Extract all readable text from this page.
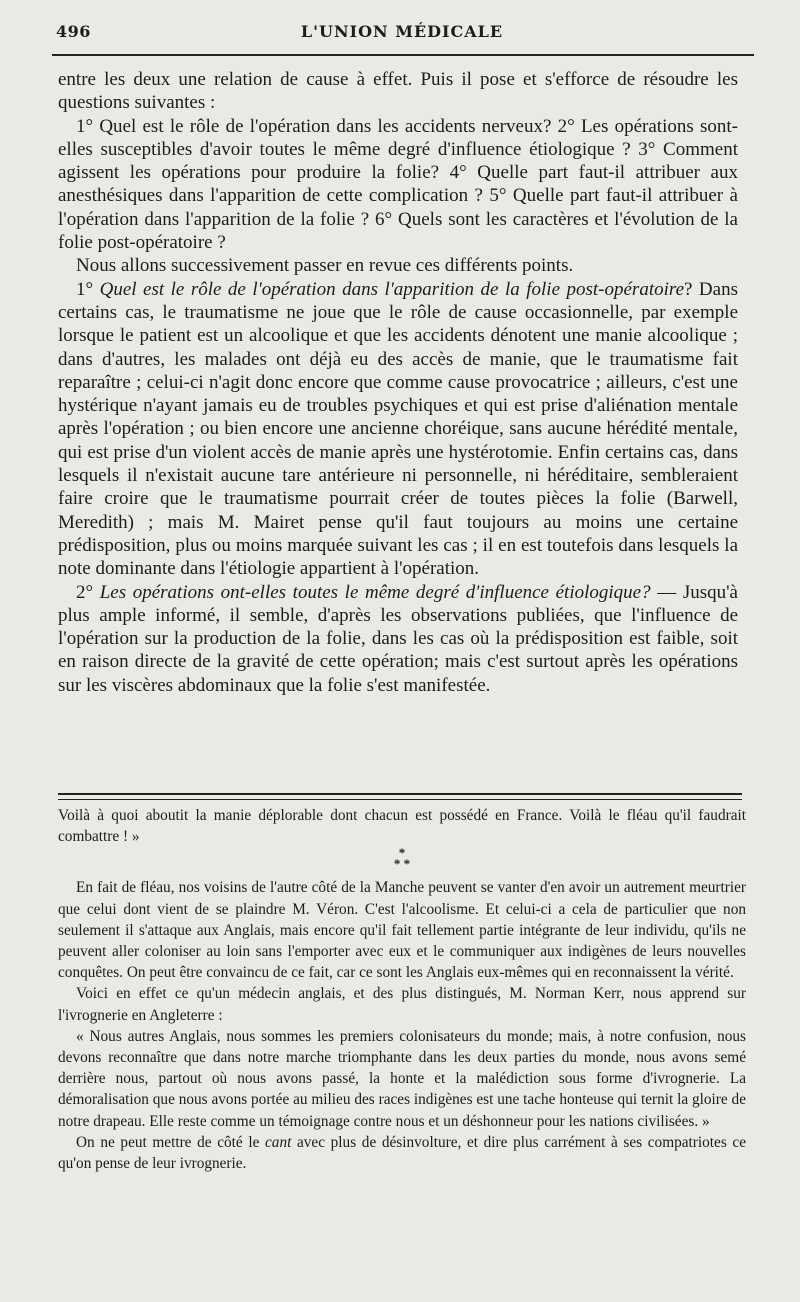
496	L'UNION MÉDICALE

entre les deux une relation de cause à effet. Puis il pose et s'efforce de résoudre les questions suivantes :

1° Quel est le rôle de l'opération dans les accidents nerveux? 2° Les opérations sont-elles susceptibles d'avoir toutes le même degré d'influence étiologique ? 3° Comment agissent les opérations pour produire la folie? 4° Quelle part faut-il attribuer aux anesthésiques dans l'apparition de cette complication ? 5° Quelle part faut-il attribuer à l'opération dans l'apparition de la folie ? 6° Quels sont les caractères et l'évolution de la folie post-opératoire ?

Nous allons successivement passer en revue ces différents points.

1° Quel est le rôle de l'opération dans l'apparition de la folie post-opératoire? Dans certains cas, le traumatisme ne joue que le rôle de cause occasionnelle, par exemple lorsque le patient est un alcoolique et que les accidents dénotent une manie alcoolique ; dans d'autres, les malades ont déjà eu des accès de manie, que le traumatisme fait reparaître ; celui-ci n'agit donc encore que comme cause provocatrice ; ailleurs, c'est une hystérique n'ayant jamais eu de troubles psychiques et qui est prise d'aliénation mentale après l'opération ; ou bien encore une ancienne choréique, sans aucune hérédité mentale, qui est prise d'un violent accès de manie après une hystérotomie. Enfin certains cas, dans lesquels il n'existait aucune tare antérieure ni personnelle, ni héréditaire, sembleraient faire croire que le traumatisme pourrait créer de toutes pièces la folie (Barwell, Meredith) ; mais M. Mairet pense qu'il faut toujours au moins une certaine prédisposition, plus ou moins marquée suivant les cas ; il en est toutefois dans lesquels la note dominante dans l'étiologie appartient à l'opération.

2° Les opérations ont-elles toutes le même degré d'influence étiologique? — Jusqu'à plus ample informé, il semble, d'après les observations publiées, que l'influence de l'opération sur la production de la folie, dans les cas où la prédisposition est faible, soit en raison directe de la gravité de cette opération; mais c'est surtout après les opérations sur les viscères abdominaux que la folie s'est manifestée.

Voilà à quoi aboutit la manie déplorable dont chacun est possédé en France. Voilà le fléau qu'il faudrait combattre ! »

*
* *

En fait de fléau, nos voisins de l'autre côté de la Manche peuvent se vanter d'en avoir un autrement meurtrier que celui dont vient de se plaindre M. Véron. C'est l'alcoolisme. Et celui-ci a cela de particulier que non seulement il s'attaque aux Anglais, mais encore qu'il fait tellement partie intégrante de leur individu, qu'ils ne peuvent aller coloniser au loin sans l'emporter avec eux et le communiquer aux indigènes de leurs nouvelles conquêtes. On peut être convaincu de ce fait, car ce sont les Anglais eux-mêmes qui en reconnaissent la vérité.

Voici en effet ce qu'un médecin anglais, et des plus distingués, M. Norman Kerr, nous apprend sur l'ivrognerie en Angleterre :

« Nous autres Anglais, nous sommes les premiers colonisateurs du monde; mais, à notre confusion, nous devons reconnaître que dans notre marche triomphante dans les deux parties du monde, nous avons semé derrière nous, partout où nous avons passé, la honte et la malédiction sous forme d'ivrognerie. La démoralisation que nous avons portée au milieu des races indigènes est une tache honteuse qui ternit la gloire de notre drapeau. Elle reste comme un témoignage contre nous et un déshonneur pour les nations civilisées. »

On ne peut mettre de côté le cant avec plus de désinvolture, et dire plus carrément à ses compatriotes ce qu'on pense de leur ivrognerie.
